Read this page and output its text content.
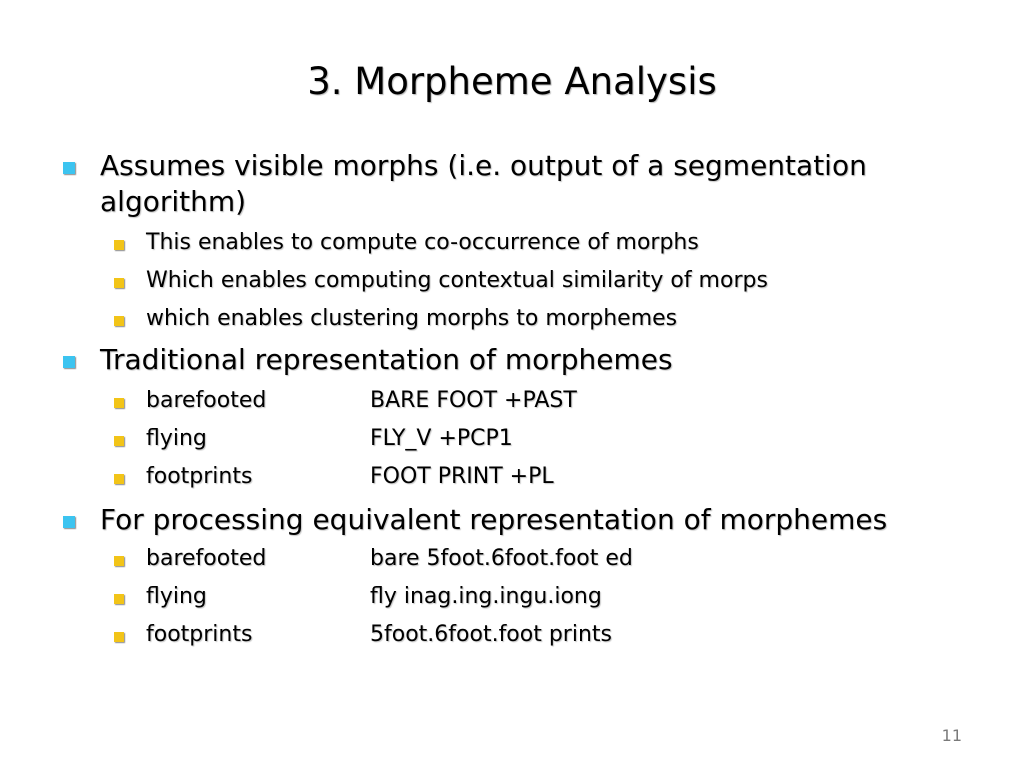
3. Morpheme Analysis
Assumes visible morphs (i.e. output of a segmentation algorithm)
This enables to compute co-occurrence of morphs
Which enables computing contextual similarity of morps
which enables clustering morphs to morphemes
Traditional representation of morphemes
barefooted	BARE FOOT +PAST
flying	FLY_V +PCP1
footprints	FOOT PRINT +PL
For processing equivalent representation of morphemes
barefooted	bare 5foot.6foot.foot ed
flying	fly inag.ing.ingu.iong
footprints	5foot.6foot.foot prints
11
